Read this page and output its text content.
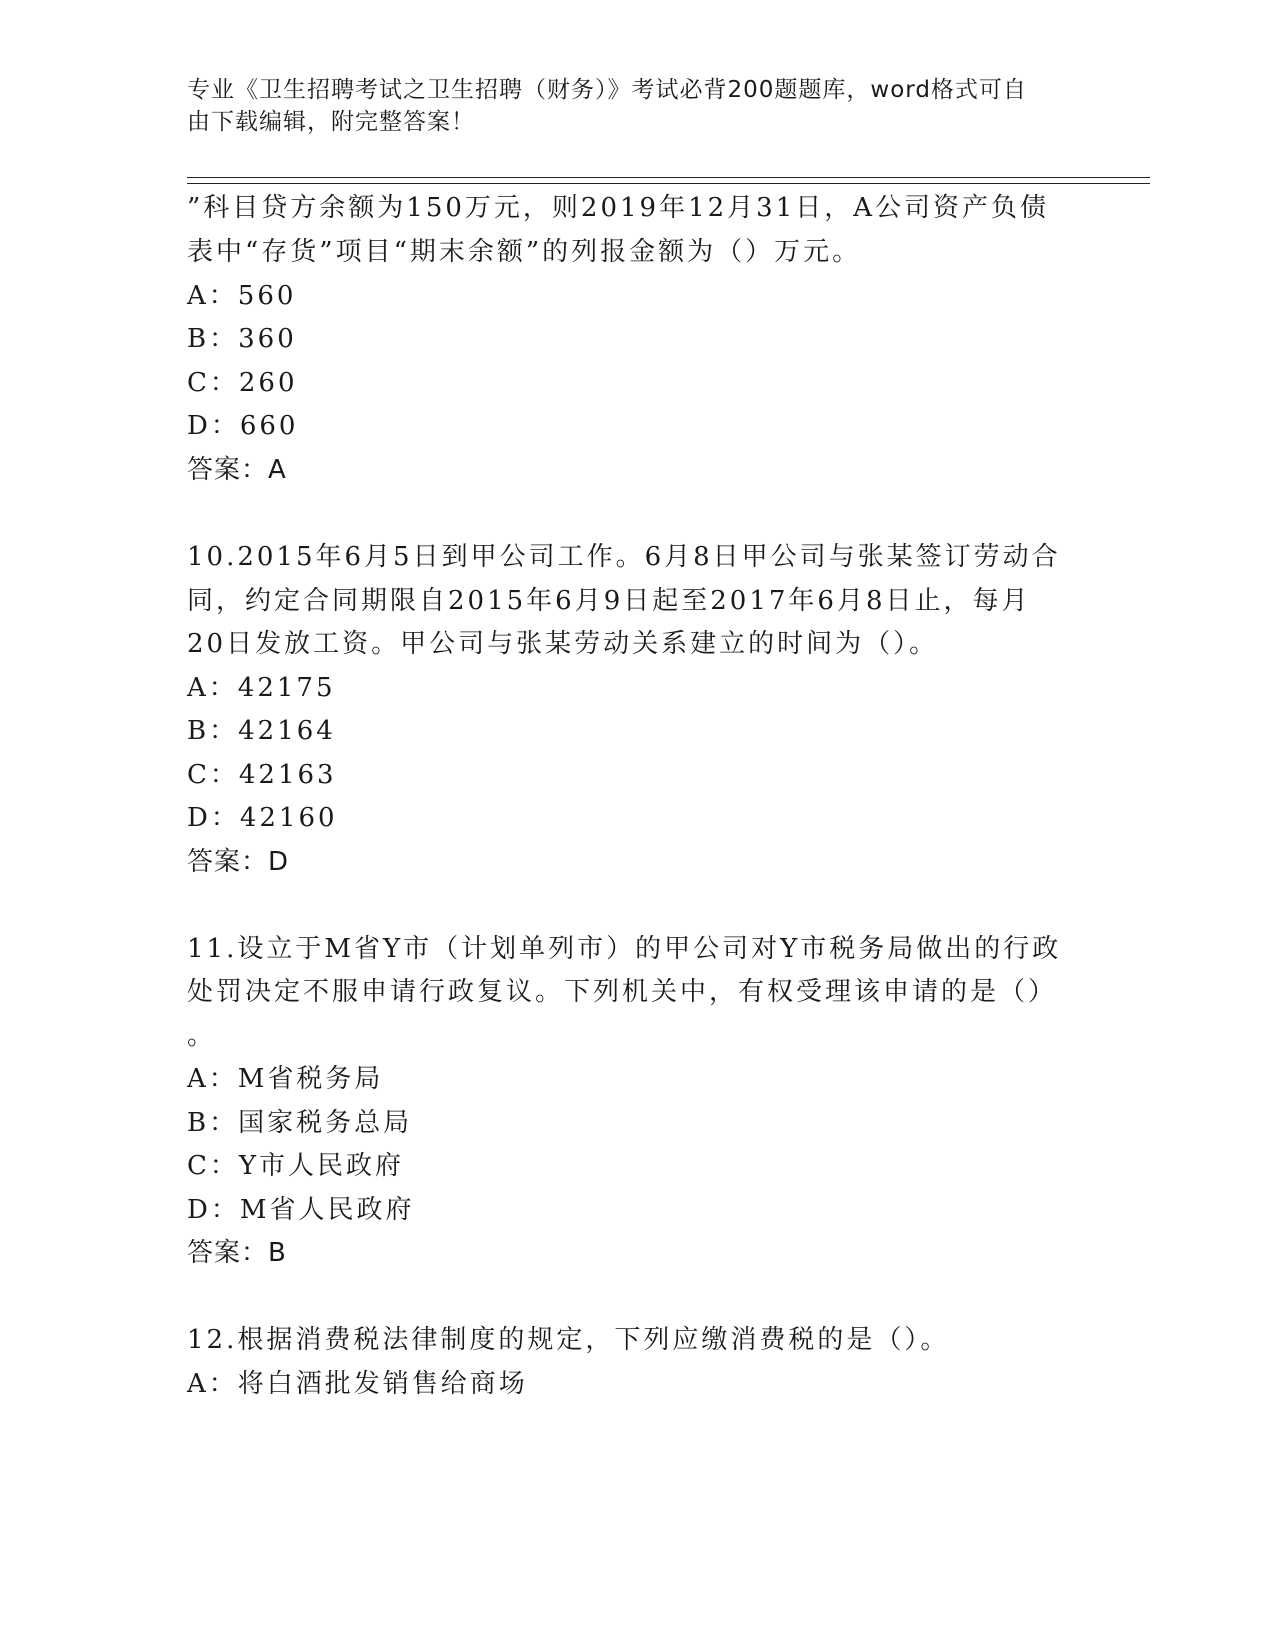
专业《卫生招聘考试之卫生招聘（财务）》考试必背200题题库，word格式可自
由下载编辑，附完整答案！
”科目贷方余额为150万元，则2019年12月31日，A公司资产负债
表中“存货”项目“期末余额”的列报金额为（）万元。
A：560
B：360
C：260
D：660
答案：A
10.2015年6月5日到甲公司工作。6月8日甲公司与张某签订劳动合
同，约定合同期限自2015年6月9日起至2017年6月8日止，每月
20日发放工资。甲公司与张某劳动关系建立的时间为（）。
A：42175
B：42164
C：42163
D：42160
答案：D
11.设立于M省Y市（计划单列市）的甲公司对Y市税务局做出的行政
处罚决定不服申请行政复议。下列机关中，有权受理该申请的是（）
。
A：M省税务局
B：国家税务总局
C：Y市人民政府
D：M省人民政府
答案：B
12.根据消费税法律制度的规定，下列应缴消费税的是（）。
A：将白酒批发销售给商场
